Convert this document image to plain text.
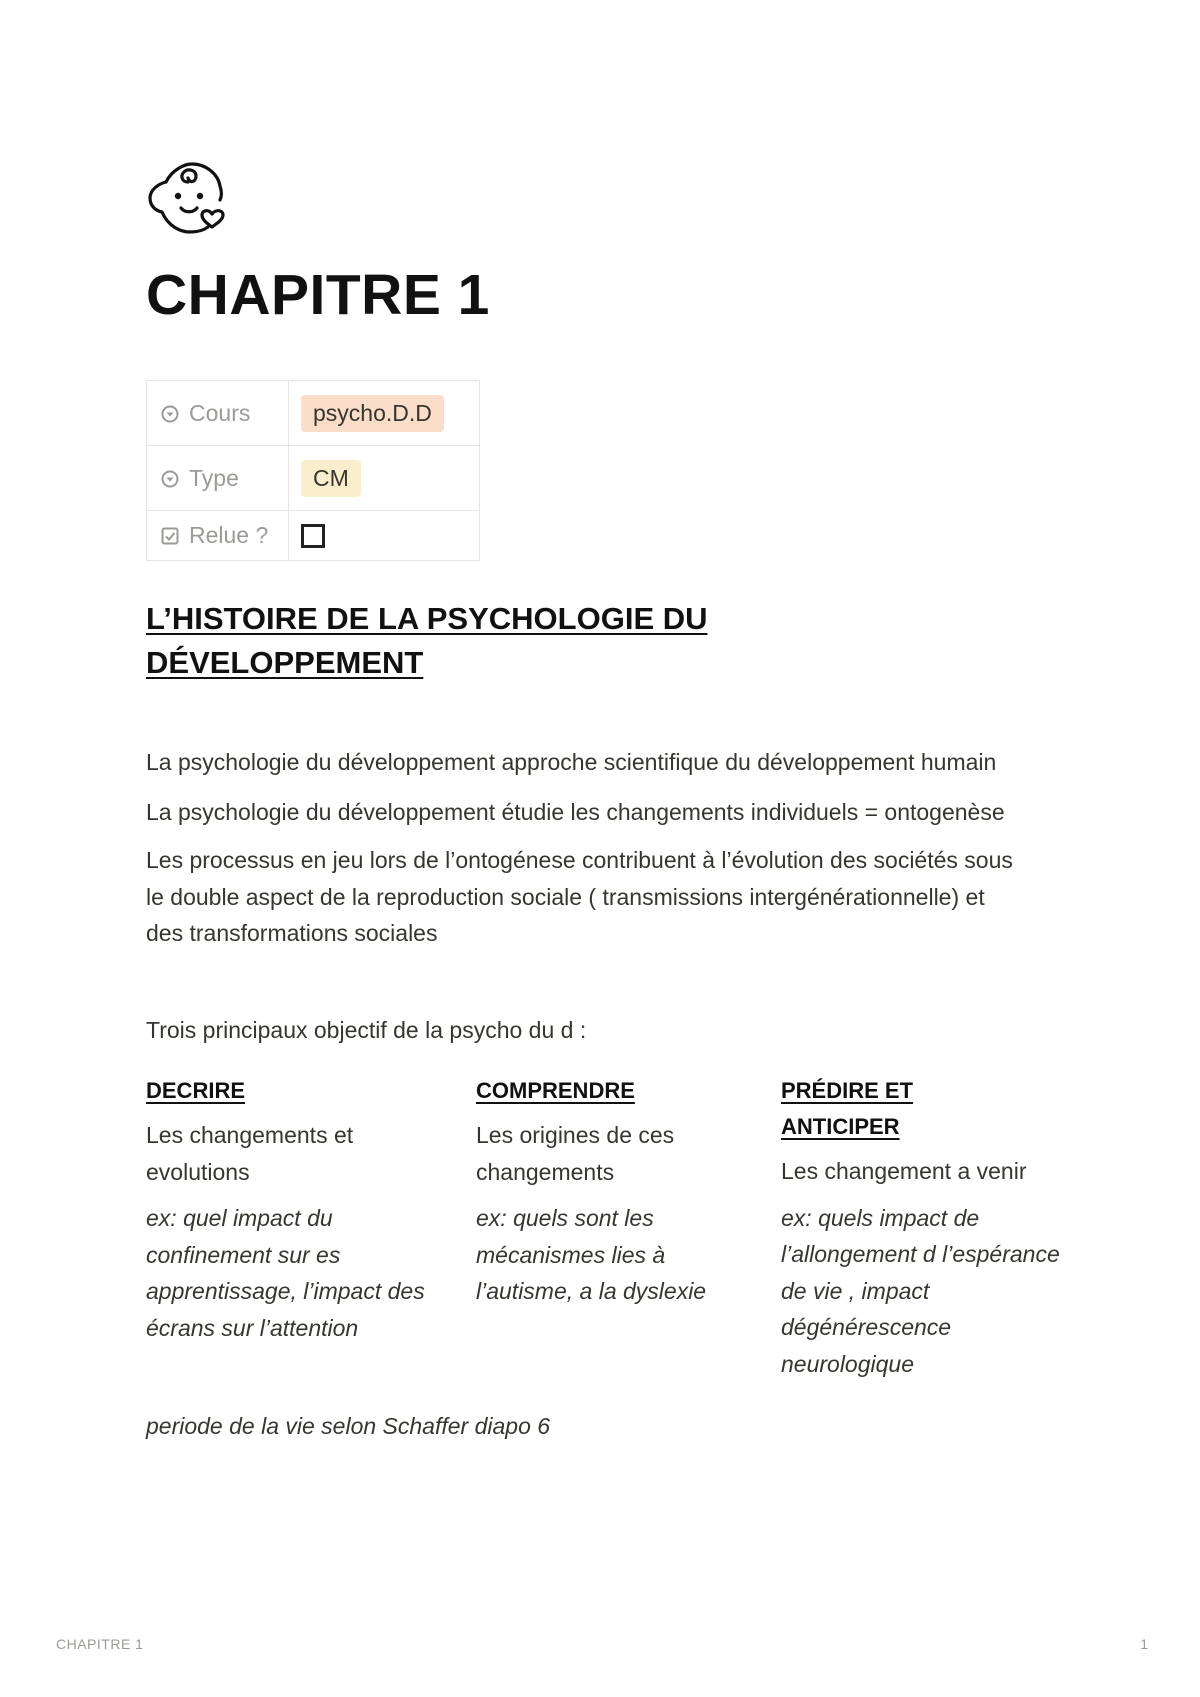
CHAPITRE 1
Cours	psycho.D.D
Type	CM
Relue ?	
L’HISTOIRE DE LA PSYCHOLOGIE DU
DÉVELOPPEMENT

La psychologie du développement approche scientifique du développement humain

La psychologie du développement étudie les changements individuels = ontogenèse

Les processus en jeu lors de l’ontogénese contribuent à l’évolution des sociétés sous le double aspect de la reproduction sociale ( transmissions intergénérationnelle) et des transformations sociales

Trois principaux objectif de la psycho du d :

DECRIRE
Les changements et evolutions
ex: quel impact du confinement sur es apprentissage, l’impact des écrans sur l’attention
COMPRENDRE
Les origines de ces changements
ex: quels sont les mécanismes lies à l’autisme, a la dyslexie
PRÉDIRE ET
ANTICIPER
Les changement a venir
ex: quels impact de l’allongement d l’espérance de vie , impact dégénérescence neurologique

periode de la vie selon Schaffer diapo 6

CHAPITRE 1	1
